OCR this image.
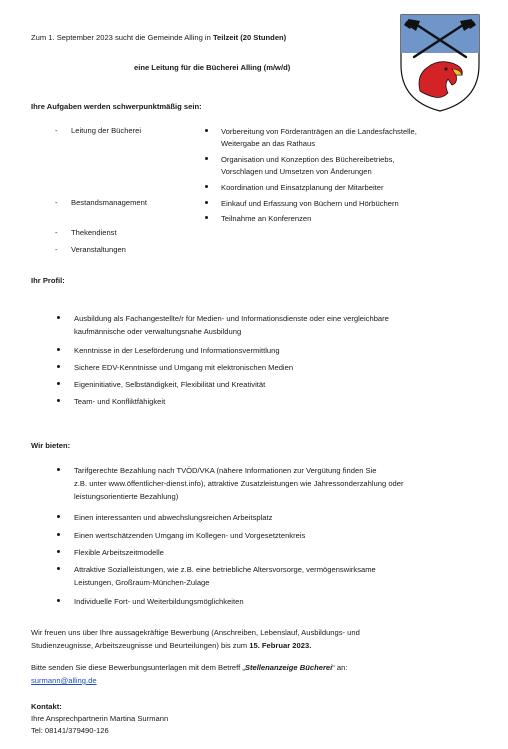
Zum 1. September 2023 sucht die Gemeinde Alling in Teilzeit (20 Stunden)
eine Leitung für die Bücherei Alling (m/w/d)
Ihre Aufgaben werden schwerpunktmäßig sein:
- Leitung der Bücherei
- Bestandsmanagement
- Thekendienst
- Veranstaltungen
Vorbereitung von Förderanträgen an die Landesfachstelle,
Weitergabe an das Rathaus
Organisation und Konzeption des Büchereibetriebs,
Vorschlagen und Umsetzen von Änderungen
Koordination und Einsatzplanung der Mitarbeiter
Einkauf und Erfassung von Büchern und Hörbüchern
Teilnahme an Konferenzen
Ihr Profil:
Ausbildung als Fachangestellte/r für Medien- und Informationsdienste oder eine vergleichbare
kaufmännische oder verwaltungsnahe Ausbildung
Kenntnisse in der Leseförderung und Informationsvermittlung
Sichere EDV-Kenntnisse und Umgang mit elektronischen Medien
Eigeninitiative, Selbständigkeit, Flexibilität und Kreativität
Team- und Konfliktfähigkeit
Wir bieten:
Tarifgerechte Bezahlung nach TVÖD/VKA (nähere Informationen zur Vergütung finden Sie
z.B. unter www.öffentlicher-dienst.info), attraktive Zusatzleistungen wie Jahressonderzahlung oder
leistungsorientierte Bezahlung)
Einen interessanten und abwechslungsreichen Arbeitsplatz
Einen wertschätzenden Umgang im Kollegen- und Vorgesetztenkreis
Flexible Arbeitszeitmodelle
Attraktive Sozialleistungen, wie z.B. eine betriebliche Altersvorsorge, vermögenswirksame
Leistungen, Großraum-München-Zulage
Individuelle Fort- und Weiterbildungsmöglichkeiten
Wir freuen uns über Ihre aussagekräftige Bewerbung (Anschreiben, Lebenslauf, Ausbildungs- und
Studienzeugnisse, Arbeitszeugnisse und Beurteilungen) bis zum 15. Februar 2023.
Bitte senden Sie diese Bewerbungsunterlagen mit dem Betreff „Stellenanzeige Bücherei“ an:
surmann@alling.de
Kontakt:
Ihre Ansprechpartnerin Martina Surmann
Tel: 08141/379490-126
